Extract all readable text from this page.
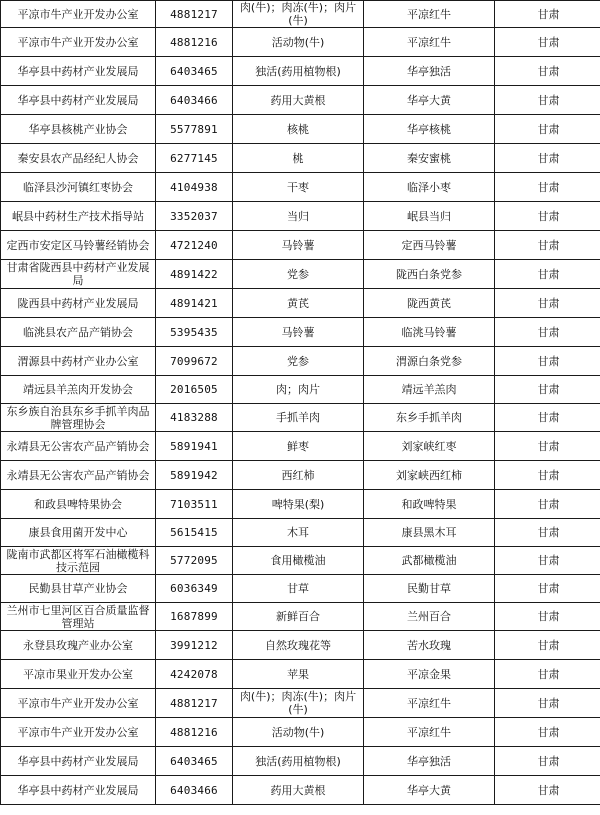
平凉市牛产业开发办公室	4881217	肉(牛)；肉冻(牛)；肉片(牛)	平凉红牛	甘肃
平凉市牛产业开发办公室	4881216	活动物(牛)	平凉红牛	甘肃
华亭县中药材产业发展局	6403465	独活(药用植物根)	华亭独活	甘肃
华亭县中药材产业发展局	6403466	药用大黄根	华亭大黄	甘肃
华亭县核桃产业协会	5577891	核桃	华亭核桃	甘肃
秦安县农产品经纪人协会	6277145	桃	秦安蜜桃	甘肃
临泽县沙河镇红枣协会	4104938	干枣	临泽小枣	甘肃
岷县中药材生产技术指导站	3352037	当归	岷县当归	甘肃
定西市安定区马铃薯经销协会	4721240	马铃薯	定西马铃薯	甘肃
甘肃省陇西县中药材产业发展局	4891422	党参	陇西白条党参	甘肃
陇西县中药材产业发展局	4891421	黄芪	陇西黄芪	甘肃
临洮县农产品产销协会	5395435	马铃薯	临洮马铃薯	甘肃
渭源县中药材产业办公室	7099672	党参	渭源白条党参	甘肃
靖远县羊羔肉开发协会	2016505	肉；肉片	靖远羊羔肉	甘肃
东乡族自治县东乡手抓羊肉品牌管理协会	4183288	手抓羊肉	东乡手抓羊肉	甘肃
永靖县无公害农产品产销协会	5891941	鲜枣	刘家峡红枣	甘肃
永靖县无公害农产品产销协会	5891942	西红柿	刘家峡西红柿	甘肃
和政县啤特果协会	7103511	啤特果(梨)	和政啤特果	甘肃
康县食用菌开发中心	5615415	木耳	康县黑木耳	甘肃
陇南市武都区将军石油橄榄科技示范园	5772095	食用橄榄油	武都橄榄油	甘肃
民勤县甘草产业协会	6036349	甘草	民勤甘草	甘肃
兰州市七里河区百合质量监督管理站	1687899	新鲜百合	兰州百合	甘肃
永登县玫瑰产业办公室	3991212	自然玫瑰花等	苦水玫瑰	甘肃
平凉市果业开发办公室	4242078	苹果	平凉金果	甘肃
平凉市牛产业开发办公室	4881217	肉(牛)；肉冻(牛)；肉片(牛)	平凉红牛	甘肃
平凉市牛产业开发办公室	4881216	活动物(牛)	平凉红牛	甘肃
华亭县中药材产业发展局	6403465	独活(药用植物根)	华亭独活	甘肃
华亭县中药材产业发展局	6403466	药用大黄根	华亭大黄	甘肃
